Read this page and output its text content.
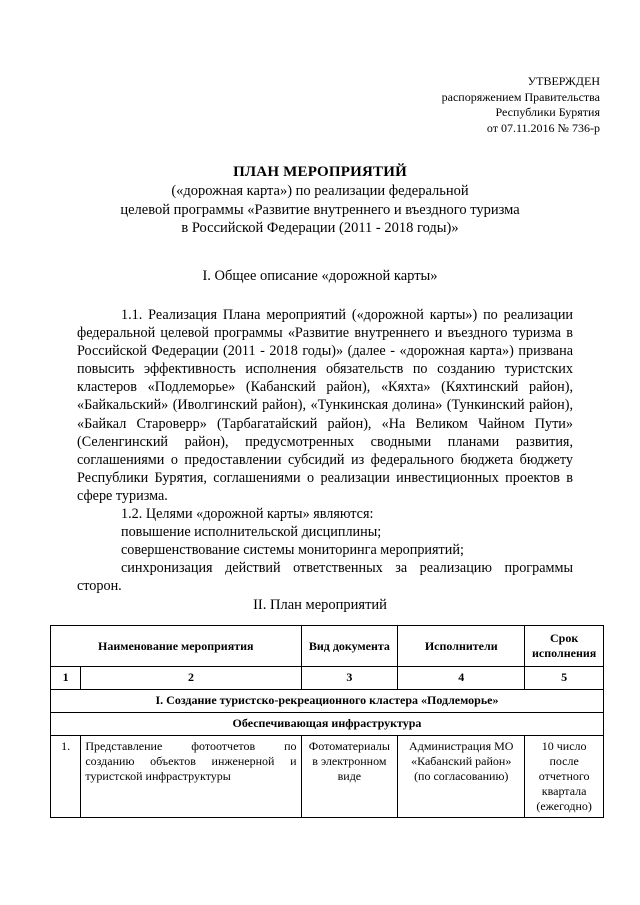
УТВЕРЖДЕН
распоряжением Правительства
Республики Бурятия
от 07.11.2016 № 736-р
ПЛАН МЕРОПРИЯТИЙ
(«дорожная карта») по реализации федеральной
целевой программы «Развитие внутреннего и въездного туризма
в Российской Федерации (2011 - 2018 годы)»
I. Общее описание «дорожной карты»

1.1. Реализация Плана мероприятий («дорожной карты») по реализации федеральной целевой программы «Развитие внутреннего и въездного туризма в Российской Федерации (2011 - 2018 годы)» (далее - «дорожная карта») призвана повысить эффективность исполнения обязательств по созданию туристских кластеров «Подлеморье» (Кабанский район), «Кяхта» (Кяхтинский район), «Байкальский» (Иволгинский район), «Тункинская долина» (Тункинский район), «Байкал Староверр» (Тарбагатайский район), «На Великом Чайном Пути» (Селенгинский район), предусмотренных сводными планами развития, соглашениями о предоставлении субсидий из федерального бюджета бюджету Республики Бурятия, соглашениями о реализации инвестиционных проектов в сфере туризма.

1.2. Целями «дорожной карты» являются:

повышение исполнительской дисциплины;

совершенствование системы мониторинга мероприятий;

синхронизация действий ответственных за реализацию программы сторон.

II. План мероприятий
Наименование мероприятия		Вид документа	Исполнители	Срок исполнения
1	2	3	4	5
I. Создание туристско-рекреационного кластера «Подлеморье»				
Обеспечивающая инфраструктура				
1.	Представление фотоотчетов по созданию объектов инженерной и туристской инфраструктуры	Фотоматериалы в электронном виде	Администрация МО «Кабанский район» (по согласованию)	10 число после отчетного квартала (ежегодно)
